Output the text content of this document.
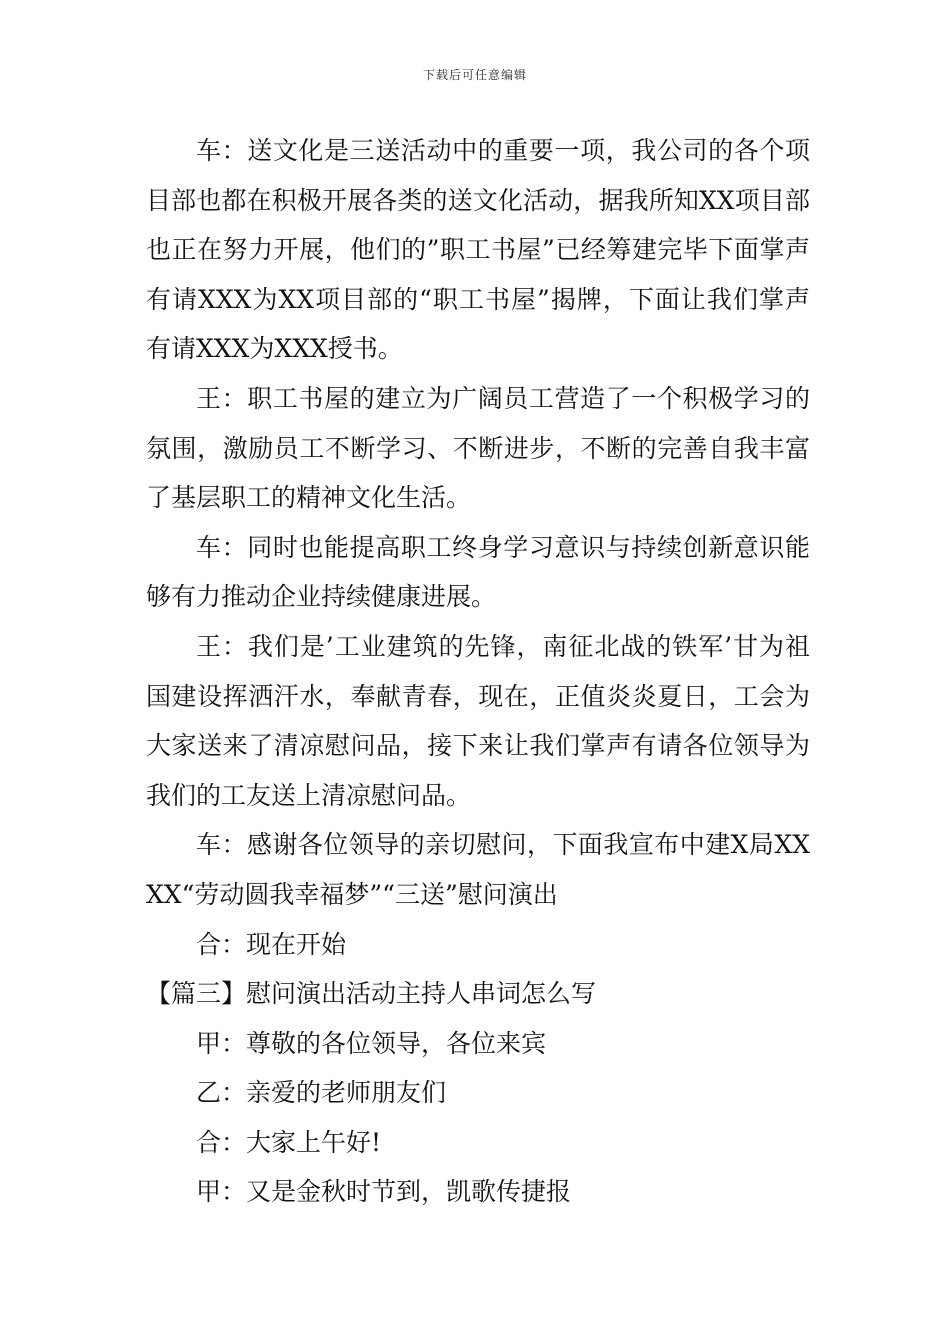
下载后可任意编辑

车：送文化是三送活动中的重要一项，我公司的各个项目部也都在积极开展各类的送文化活动，据我所知XX项目部也正在努力开展，他们的”职工书屋”已经筹建完毕下面掌声有请XXX为XX项目部的“职工书屋”揭牌，下面让我们掌声有请XXX为XXX授书。

王：职工书屋的建立为广阔员工营造了一个积极学习的氛围，激励员工不断学习、不断进步，不断的完善自我丰富了基层职工的精神文化生活。

车：同时也能提高职工终身学习意识与持续创新意识能够有力推动企业持续健康进展。

王：我们是’工业建筑的先锋，南征北战的铁军’甘为祖国建设挥洒汗水，奉献青春，现在，正值炎炎夏日，工会为大家送来了清凉慰问品，接下来让我们掌声有请各位领导为我们的工友送上清凉慰问品。

车：感谢各位领导的亲切慰问，下面我宣布中建X局XXXX“劳动圆我幸福梦”“三送”慰问演出

合：现在开始

【篇三】慰问演出活动主持人串词怎么写

甲：尊敬的各位领导，各位来宾

乙：亲爱的老师朋友们

合：大家上午好!

甲：又是金秋时节到，凯歌传捷报
